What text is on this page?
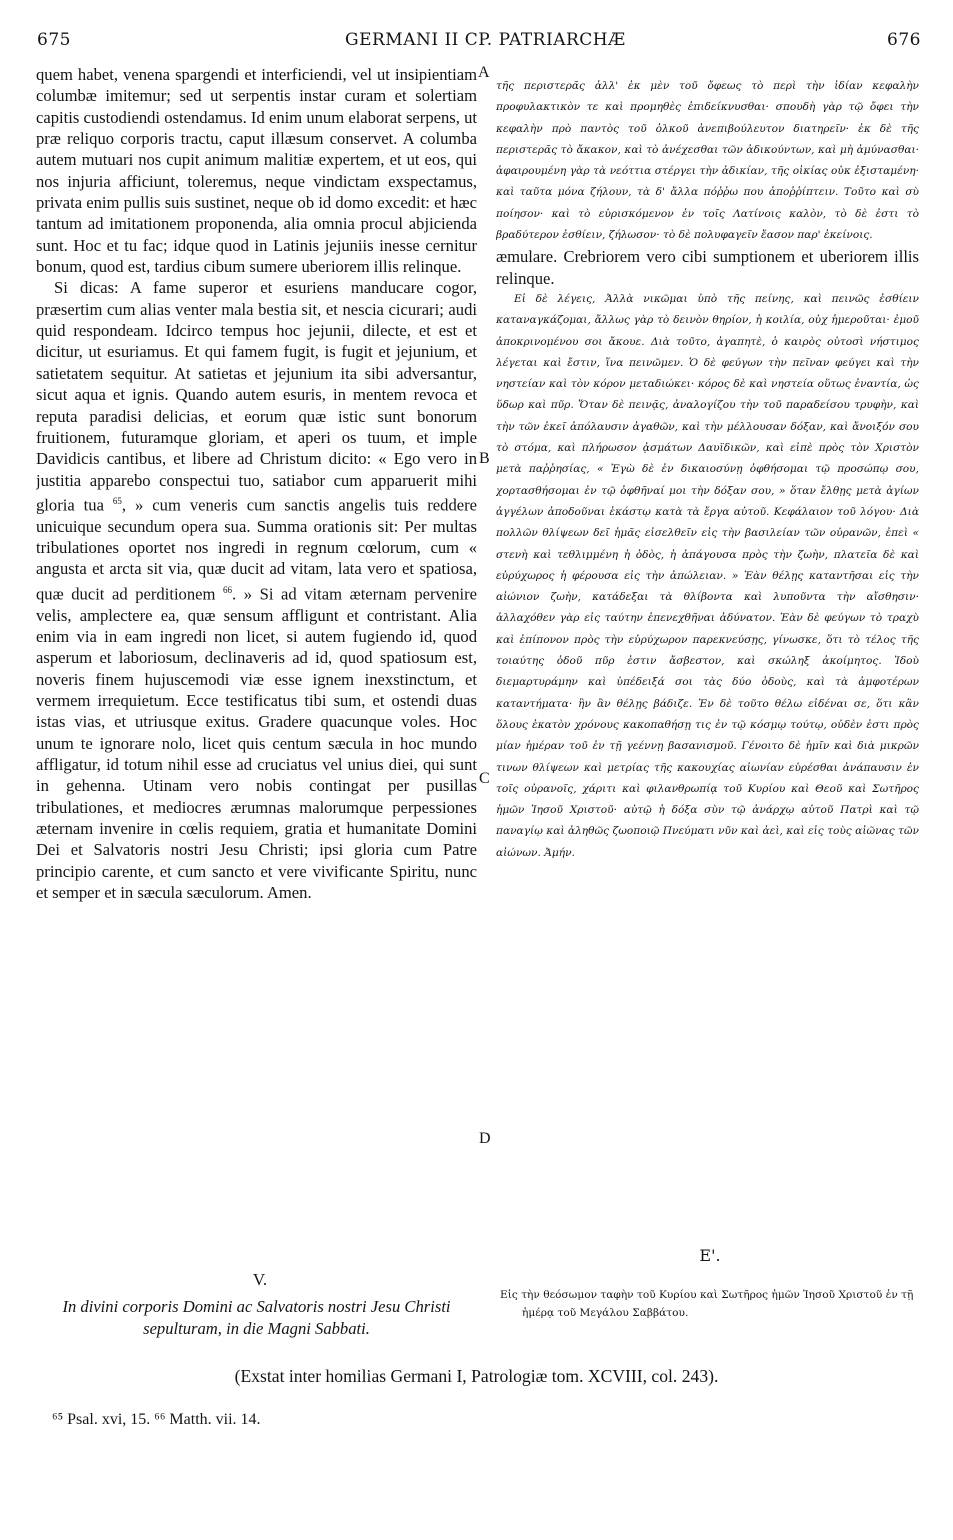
675	GERMANI II CP. PATRIARCHÆ	676

quem habet, venena spargendi et interficiendi, vel ut insipientiam columbæ imitemur; sed ut serpentis instar curam et solertiam capitis custodiendi ostendamus. Id enim unum elaborat serpens, ut præ reliquo corporis tractu, caput illæsum conservet. A columba autem mutuari nos cupit animum malitiæ expertem, et ut eos, qui nos injuria afficiunt, toleremus, neque vindictam exspectamus, privata enim pullis suis sustinet, neque ob id domo excedit: et hæc tantum ad imitationem proponenda, alia omnia procul abjicienda sunt. Hoc et tu fac; idque quod in Latinis jejuniis inesse cernitur bonum, quod est, tardius cibum sumere uberiorem illis relinque.

Si dicas: A fame superor et esuriens manducare cogor, præsertim cum alias venter mala bestia sit, et nescia cicurari; audi quid respondeam. Idcirco tempus hoc jejunii, dilecte, et est et dicitur, ut esuriamus. Et qui famem fugit, is fugit et jejunium, et satietatem sequitur. At satietas et jejunium ita sibi adversantur, sicut aqua et ignis. Quando autem esuris, in mentem revoca et reputa paradisi delicias, et eorum quæ istic sunt bonorum fruitionem, futuramque gloriam, et aperi os tuum, et imple Davidicis cantibus, et libere ad Christum dicito: « Ego vero in justitia apparebo conspectui tuo, satiabor cum apparuerit mihi gloria tua $^{65}$, » cum veneris cum sanctis angelis tuis reddere unicuique secundum opera sua. Summa orationis sit: Per multas tribulationes oportet nos ingredi in regnum cœlorum, cum « angusta et arcta sit via, quæ ducit ad vitam, lata vero et spatiosa, quæ ducit ad perditionem $^{66}$. » Si ad vitam æternam pervenire velis, amplectere ea, quæ sensum affligunt et contristant. Alia enim via in eam ingredi non licet, si autem fugiendo id, quod asperum et laboriosum, declinaveris ad id, quod spatiosum est, noveris finem hujuscemodi viæ esse ignem inexstinctum, et vermem irrequietum. Ecce testificatus tibi sum, et ostendi duas istas vias, et utriusque exitus. Gradere quacunque voles. Hoc unum te ignorare nolo, licet quis centum sæcula in hoc mundo affligatur, id totum nihil esse ad cruciatus vel unius diei, qui sunt in gehenna. Utinam vero nobis contingat per pusillas tribulationes, et mediocres ærumnas malorumque perpessiones æternam invenire in cœlis requiem, gratia et humanitate Domini Dei et Salvatoris nostri Jesu Christi; ipsi gloria cum Patre principio carente, et cum sancto et vere vivificante Spiritu, nunc et semper et in sæcula sæculorum. Amen.

A
B
C
D

τῆς περιστερᾶς ἀλλ' ἐκ μὲν τοῦ ὄφεως τὸ περὶ τὴν ἰδίαν κεφαλὴν προφυλακτικὸν τε καὶ προμηθὲς ἐπιδείκνυσθαι· σπουδὴ γὰρ τῷ ὄφει τὴν κεφαλὴν πρὸ παντὸς τοῦ ὀλκοῦ ἀνεπιβούλευτον διατηρεῖν· ἐκ δὲ τῆς περιστερᾶς τὸ ἄκακον, καὶ τὸ ἀνέχεσθαι τῶν ἀδικούντων, καὶ μὴ ἀμύνασθαι· ἀφαιρουμένη γὰρ τὰ νεόττια στέργει τὴν ἀδικίαν, τῆς οἰκίας οὐκ ἐξισταμένη· καὶ ταῦτα μόνα ζήλουν, τὰ δ' ἄλλα πόῤῥω που ἀποῤῥίπτειν. Τοῦτο καὶ σὺ ποίησον· καὶ τὸ εὑρισκόμενον ἐν τοῖς Λατίνοις καλὸν, τὸ δὲ ἐστι τὸ βραδύτερον ἐσθίειν, ζήλωσον· τὸ δὲ πολυφαγεῖν ἔασον παρ' ἐκείνοις.

æmulare. Crebriorem vero cibi sumptionem et uberiorem illis relinque.

Εἰ δὲ λέγεις, Ἀλλὰ νικῶμαι ὑπὸ τῆς πείνης, καὶ πεινῶς ἐσθίειν καταναγκάζομαι, ἄλλως γὰρ τὸ δεινὸν θηρίον, ἡ κοιλία, οὐχ ἡμεροῦται· ἐμοῦ ἀποκρινομένου σοι ἄκουε. Διὰ τοῦτο, ἀγαπητὲ, ὁ καιρὸς οὑτοσὶ νήστιμος λέγεται καὶ ἔστιν, ἵνα πεινῶμεν. Ὁ δὲ φεύγων τὴν πεῖναν φεύγει καὶ τὴν νηστείαν καὶ τὸν κόρον μεταδιώκει· κόρος δὲ καὶ νηστεία οὕτως ἐναντία, ὡς ὕδωρ καὶ πῦρ. Ὅταν δὲ πεινᾷς, ἀναλογίζου τὴν τοῦ παραδείσου τρυφὴν, καὶ τὴν τῶν ἐκεῖ ἀπόλαυσιν ἀγαθῶν, καὶ τὴν μέλλουσαν δόξαν, καὶ ἄνοιξόν σου τὸ στόμα, καὶ πλήρωσον ᾀσμάτων Δαυϊδικῶν, καὶ εἰπὲ πρὸς τὸν Χριστὸν μετὰ παῤῥησίας, « Ἐγὼ δὲ ἐν δικαιοσύνῃ ὀφθήσομαι τῷ προσώπῳ σου, χορτασθήσομαι ἐν τῷ ὀφθῆναί μοι τὴν δόξαν σου, » ὅταν ἔλθῃς μετὰ ἁγίων ἀγγέλων ἀποδοῦναι ἑκάστῳ κατὰ τὰ ἔργα αὐτοῦ. Κεφάλαιον τοῦ λόγου· Διὰ πολλῶν θλίψεων δεῖ ἡμᾶς εἰσελθεῖν εἰς τὴν βασιλείαν τῶν οὐρανῶν, ἐπεὶ « στενὴ καὶ τεθλιμμένη ἡ ὁδὸς, ἡ ἀπάγουσα πρὸς τὴν ζωὴν, πλατεῖα δὲ καὶ εὐρύχωρος ἡ φέρουσα εἰς τὴν ἀπώλειαν. » Ἐὰν θέλῃς καταντῆσαι εἰς τὴν αἰώνιον ζωὴν, κατάδεξαι τὰ θλίβοντα καὶ λυποῦντα τὴν αἴσθησιν· ἀλλαχόθεν γὰρ εἰς ταύτην ἐπενεχθῆναι ἀδύνατον. Ἐὰν δὲ φεύγων τὸ τραχὺ καὶ ἐπίπονον πρὸς τὴν εὐρύχωρον παρεκνεύσῃς, γίνωσκε, ὅτι τὸ τέλος τῆς τοιαύτης ὁδοῦ πῦρ ἐστιν ἄσβεστον, καὶ σκώληξ ἀκοίμητος. Ἰδοὺ διεμαρτυράμην καὶ ὑπέδειξά σοι τὰς δύο ὁδοὺς, καὶ τὰ ἀμφοτέρων καταντήματα· ἣν ἂν θέλῃς βάδιζε. Ἐν δὲ τοῦτο θέλω εἰδέναι σε, ὅτι κἂν ὅλους ἑκατὸν χρόνους κακοπαθήσῃ τις ἐν τῷ κόσμῳ τούτῳ, οὐδὲν ἐστι πρὸς μίαν ἡμέραν τοῦ ἐν τῇ γεέννῃ βασανισμοῦ. Γένοιτο δὲ ἡμῖν καὶ διὰ μικρῶν τινων θλίψεων καὶ μετρίας τῆς κακουχίας αἰωνίαν εὑρέσθαι ἀνάπαυσιν ἐν τοῖς οὐρανοῖς, χάριτι καὶ φιλανθρωπίᾳ τοῦ Κυρίου καὶ Θεοῦ καὶ Σωτῆρος ἡμῶν Ἰησοῦ Χριστοῦ· αὐτῷ ἡ δόξα σὺν τῷ ἀνάρχῳ αὐτοῦ Πατρὶ καὶ τῷ παναγίῳ καὶ ἀληθῶς ζωοποιῷ Πνεύματι νῦν καὶ ἀεὶ, καὶ εἰς τοὺς αἰῶνας τῶν αἰώνων. Ἀμήν.

V.
In divini corporis Domini ac Salvatoris nostri Jesu Christi sepulturam, in die Magni Sabbati.
Ε'.
Εἰς τὴν θεόσωμον ταφὴν τοῦ Κυρίου καὶ Σωτῆρος ἡμῶν Ἰησοῦ Χριστοῦ ἐν τῇ ἡμέρᾳ τοῦ Μεγάλου Σαββάτου.
(Exstat inter homilias Germani I, Patrologiæ tom. XCVIII, col. 243).
⁶⁵ Psal. xvi, 15. ⁶⁶ Matth. vii. 14.
